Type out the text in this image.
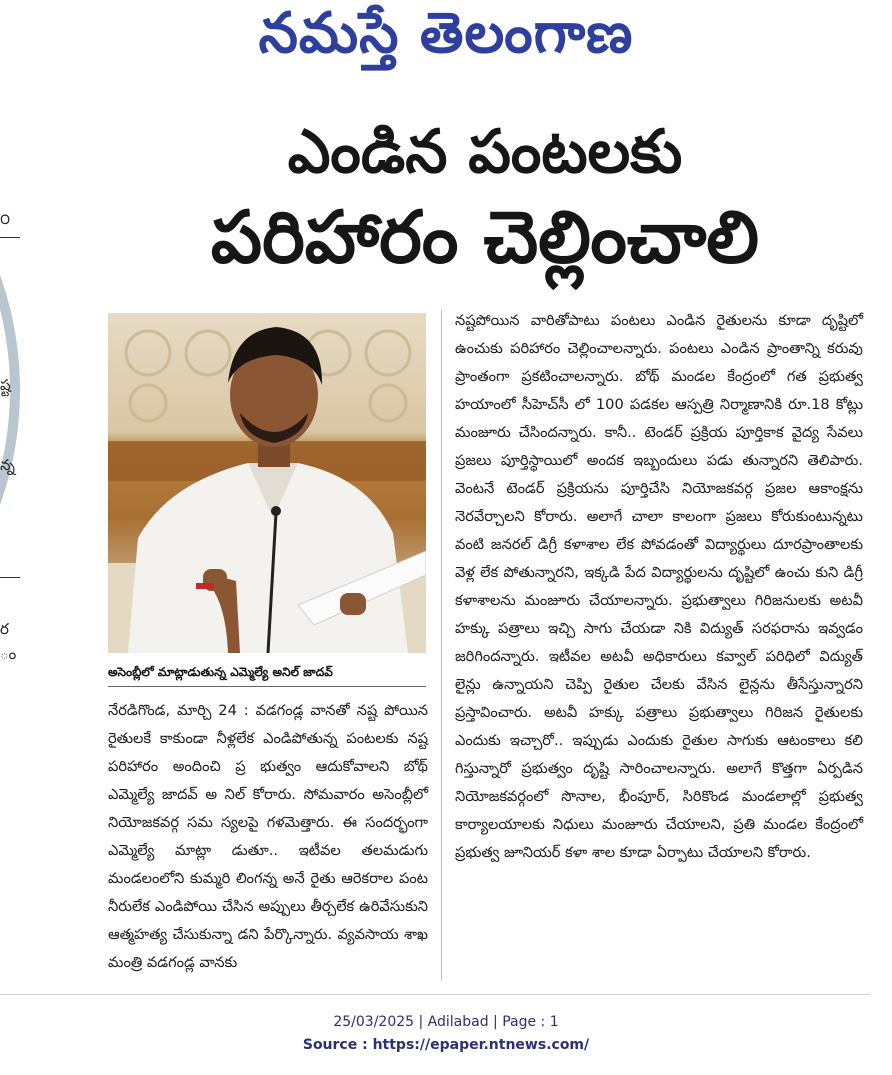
నమస్తే తెలంగాణ
౦
ష్ట
న్న
ర
ం
ఎండిన పంటలకు
పరిహారం చెల్లించాలి
అసెంబ్లీలో మాట్లాడుతున్న ఎమ్మెల్యే అనిల్ జాదవ్

నేరడిగొండ, మార్చి 24 : వడగండ్ల వానతో నష్ట పోయిన రైతులకే కాకుండా నీళ్లలేక ఎండిపోతున్న పంటలకు నష్ట పరిహారం అందించి ప్ర భుత్వం ఆదుకోవాలని బోథ్ ఎమ్మెల్యే జాదవ్ అ నిల్ కోరారు. సోమవారం అసెంబ్లీలో నియోజకవర్గ సమ స్యలపై గళమెత్తారు. ఈ సందర్భంగా ఎమ్మెల్యే మాట్లా డుతూ.. ఇటీవల తలమడుగు మండలంలోని కుమ్మరి లింగన్న అనే రైతు ఆరెకరాల పంట నీరులేక ఎండిపోయి చేసిన అప్పులు తీర్చలేక ఉరివేసుకుని ఆత్మహత్య చేసుకున్నా డని పేర్కొన్నారు. వ్యవసాయ శాఖ మంత్రి వడగండ్ల వానకు

నష్టపోయిన వారితోపాటు పంటలు ఎండిన రైతులను కూడా దృష్టిలో ఉంచుకు పరిహారం చెల్లించాలన్నారు. పంటలు ఎండిన ప్రాంతాన్ని కరువు ప్రాంతంగా ప్రకటించాలన్నారు. బోథ్ మండల కేంద్రంలో గత ప్రభుత్వ హయాంలో సీహెచ్‌సీ లో 100 పడకల ఆస్పత్రి నిర్మాణానికి రూ.18 కోట్లు మంజూరు చేసిందన్నారు. కానీ.. టెండర్ ప్రక్రియ పూర్తికాక వైద్య సేవలు ప్రజలు పూర్తిస్థాయిలో అందక ఇబ్బందులు పడు తున్నారని తెలిపారు. వెంటనే టెండర్ ప్రక్రియను పూర్తిచేసి నియోజకవర్గ ప్రజల ఆకాంక్షను నెరవేర్చాలని కోరారు. అలాగే చాలా కాలంగా ప్రజలు కోరుకుంటున్నటు వంటి జనరల్ డిగ్రీ కళాశాల లేక పోవడంతో విద్యార్థులు దూరప్రాంతాలకు వెళ్ల లేక పోతున్నారని, ఇక్కడి పేద విద్యార్థులను దృష్టిలో ఉంచు కుని డిగ్రీ కళాశాలను మంజూరు చేయాలన్నారు. ప్రభుత్వాలు గిరిజనులకు అటవీ హక్కు పత్రాలు ఇచ్చి సాగు చేయడా నికి విద్యుత్ సరఫరాను ఇవ్వడం జరిగిందన్నారు. ఇటీవల అటవీ అధికారులు కవ్వాల్ పరిధిలో విద్యుత్ లైన్లు ఉన్నాయని చెప్పి రైతుల చేలకు వేసిన లైన్లను తీసేస్తున్నారని ప్రస్తావించారు. అటవీ హక్కు పత్రాలు ప్రభుత్వాలు గిరిజన రైతులకు ఎందుకు ఇచ్చారో.. ఇప్పుడు ఎందుకు రైతుల సాగుకు ఆటంకాలు కలి గిస్తున్నారో ప్రభుత్వం దృష్టి సారించాలన్నారు. అలాగే కొత్తగా ఏర్పడిన నియోజకవర్గంలో సొనాల, భీంపూర్, సిరికొండ మండలాల్లో ప్రభుత్వ కార్యాలయాలకు నిధులు మంజూరు చేయాలని, ప్రతి మండల కేంద్రంలో ప్రభుత్వ జూనియర్ కళా శాల కూడా ఏర్పాటు చేయాలని కోరారు.

25/03/2025 | Adilabad | Page : 1
Source : https://epaper.ntnews.com/
